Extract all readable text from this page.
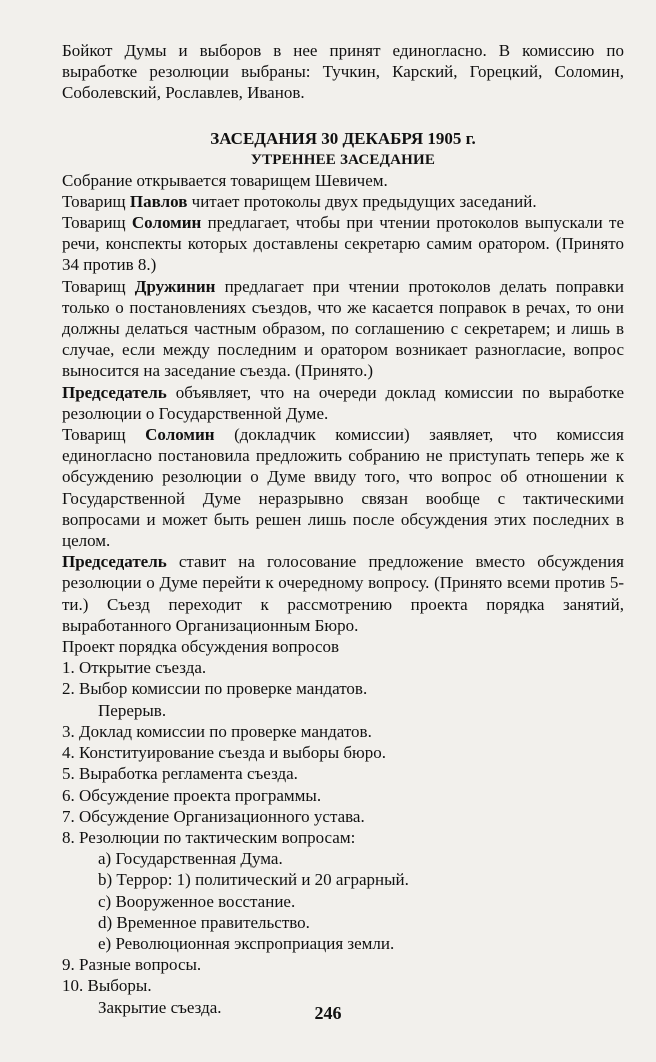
Бойкот Думы и выборов в нее принят единогласно. В комиссию по выработке резолюции выбраны: Тучкин, Карский, Горецкий, Соломин, Соболевский, Рославлев, Иванов.

ЗАСЕДАНИЯ 30 ДЕКАБРЯ 1905 г.
УТРЕННЕЕ ЗАСЕДАНИЕ

Собрание открывается товарищем Шевичем.

Товарищ Павлов читает протоколы двух предыдущих заседаний.

Товарищ Соломин предлагает, чтобы при чтении протоколов выпускали те речи, конспекты которых доставлены секретарю самим оратором. (Принято 34 против 8.)

Товарищ Дружинин предлагает при чтении протоколов делать поправки только о постановлениях съездов, что же касается поправок в речах, то они должны делаться частным образом, по соглашению с секретарем; и лишь в случае, если между последним и оратором возникает разногласие, вопрос выносится на заседание съезда. (Принято.)

Председатель объявляет, что на очереди доклад комиссии по выработке резолюции о Государственной Думе.

Товарищ Соломин (докладчик комиссии) заявляет, что комиссия единогласно постановила предложить собранию не приступать теперь же к обсуждению резолюции о Думе ввиду того, что вопрос об отношении к Государственной Думе неразрывно связан вообще с тактическими вопросами и может быть решен лишь после обсуждения этих последних в целом.

Председатель ставит на голосование предложение вместо обсуждения резолюции о Думе перейти к очередному вопросу. (Принято всеми против 5-ти.) Съезд переходит к рассмотрению проекта порядка занятий, выработанного Организационным Бюро.

Проект порядка обсуждения вопросов

1. Открытие съезда.
2. Выбор комиссии по проверке мандатов.
Перерыв.
3. Доклад комиссии по проверке мандатов.
4. Конституирование съезда и выборы бюро.
5. Выработка регламента съезда.
6. Обсуждение проекта программы.
7. Обсуждение Организационного устава.
8. Резолюции по тактическим вопросам:
a) Государственная Дума.
b) Террор: 1) политический и 20 аграрный.
c) Вооруженное восстание.
d) Временное правительство.
e) Революционная экспроприация земли.
9. Разные вопросы.
10. Выборы.
Закрытие съезда.	246
